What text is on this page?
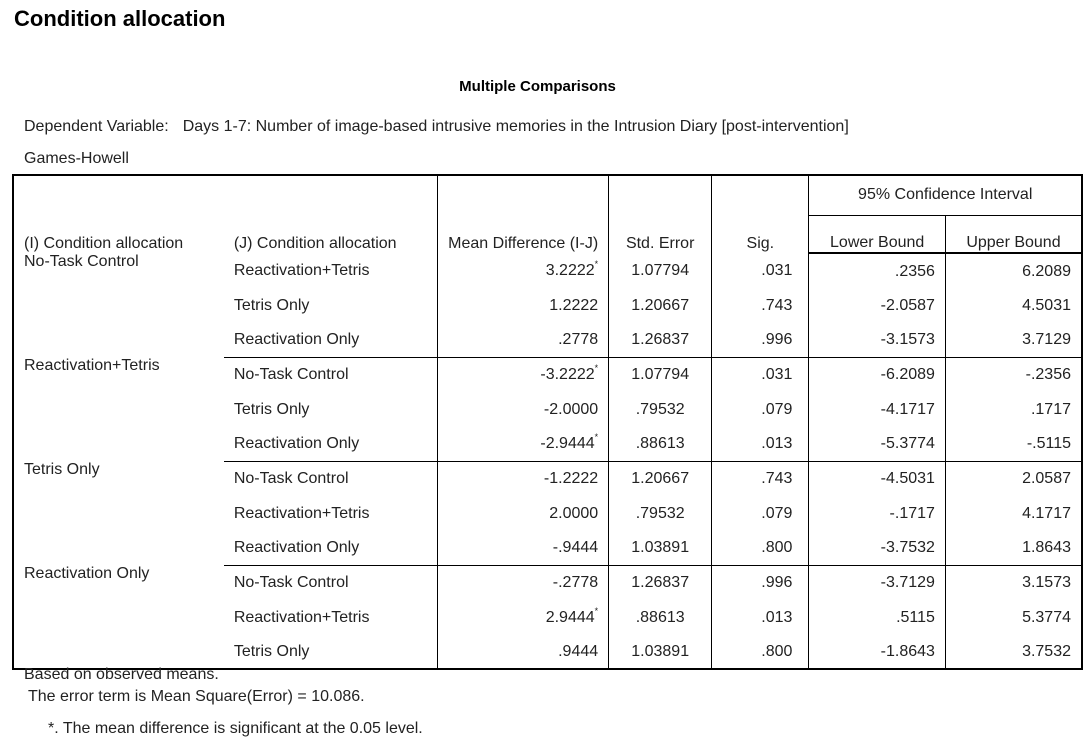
Condition allocation
Multiple Comparisons
Dependent Variable: Days 1-7: Number of image-based intrusive memories in the Intrusion Diary [post-intervention]
Games-Howell
(I) Condition allocation	(J) Condition allocation	Mean Difference (I-J)	Std. Error	Sig.	95% Confidence Interval	
					Lower Bound	Upper Bound
No-Task Control	Reactivation+Tetris	3.2222*	1.07794	.031	.2356	6.2089
	Tetris Only	1.2222	1.20667	.743	-2.0587	4.5031
	Reactivation Only	.2778	1.26837	.996	-3.1573	3.7129
Reactivation+Tetris	No-Task Control	-3.2222*	1.07794	.031	-6.2089	-.2356
	Tetris Only	-2.0000	.79532	.079	-4.1717	.1717
	Reactivation Only	-2.9444*	.88613	.013	-5.3774	-.5115
Tetris Only	No-Task Control	-1.2222	1.20667	.743	-4.5031	2.0587
	Reactivation+Tetris	2.0000	.79532	.079	-.1717	4.1717
	Reactivation Only	-.9444	1.03891	.800	-3.7532	1.8643
Reactivation Only	No-Task Control	-.2778	1.26837	.996	-3.7129	3.1573
	Reactivation+Tetris	2.9444*	.88613	.013	.5115	5.3774
	Tetris Only	.9444	1.03891	.800	-1.8643	3.7532
Based on observed means.
The error term is Mean Square(Error) = 10.086.
*. The mean difference is significant at the 0.05 level.
